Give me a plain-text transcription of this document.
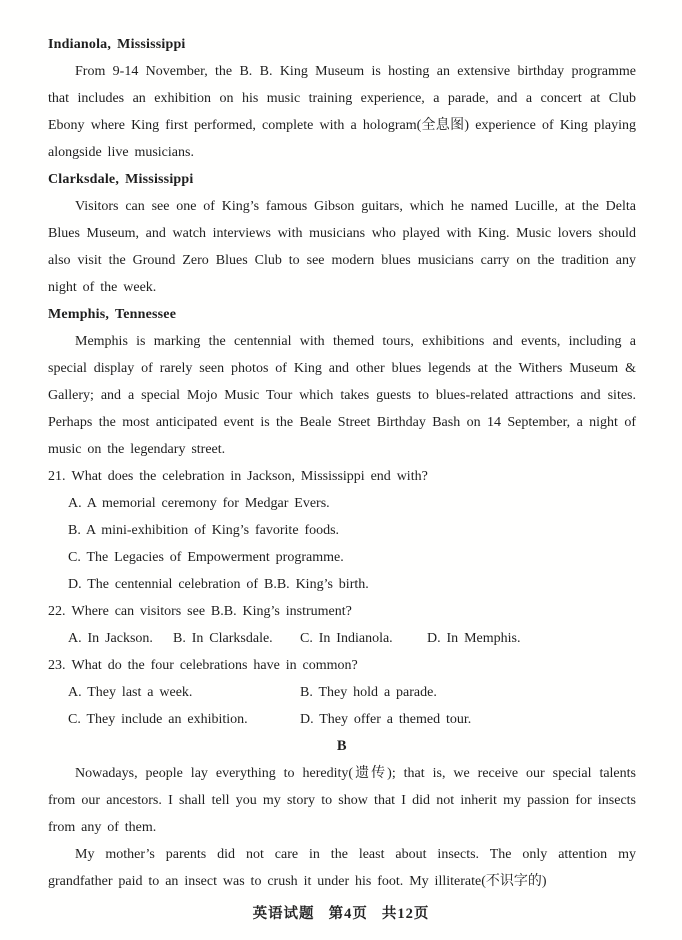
Indianola, Mississippi

From 9-14 November, the B. B. King Museum is hosting an extensive birthday programme that includes an exhibition on his music training experience, a parade, and a concert at Club Ebony where King first performed, complete with a hologram(全息图) experience of King playing alongside live musicians.

Clarksdale, Mississippi

Visitors can see one of King’s famous Gibson guitars, which he named Lucille, at the Delta Blues Museum, and watch interviews with musicians who played with King. Music lovers should also visit the Ground Zero Blues Club to see modern blues musicians carry on the tradition any night of the week.

Memphis, Tennessee

Memphis is marking the centennial with themed tours, exhibitions and events, including a special display of rarely seen photos of King and other blues legends at the Withers Museum & Gallery; and a special Mojo Music Tour which takes guests to blues-related attractions and sites. Perhaps the most anticipated event is the Beale Street Birthday Bash on 14 September, a night of music on the legendary street.

21. What does the celebration in Jackson, Mississippi end with?
A. A memorial ceremony for Medgar Evers.
B. A mini-exhibition of King’s favorite foods.
C. The Legacies of Empowerment programme.
D. The centennial celebration of B.B. King’s birth.
22. Where can visitors see B.B. King’s instrument?
A. In Jackson. B. In Clarksdale. C. In Indianola. D. In Memphis.
23. What do the four celebrations have in common?
A. They last a week.	B. They hold a parade.
C. They include an exhibition.	D. They offer a themed tour.
B

Nowadays, people lay everything to heredity(遗传); that is, we receive our special talents from our ancestors. I shall tell you my story to show that I did not inherit my passion for insects from any of them.

My mother’s parents did not care in the least about insects. The only attention my grandfather paid to an insect was to crush it under his foot. My illiterate(不识字的)

英语试题  第4页  共12页
